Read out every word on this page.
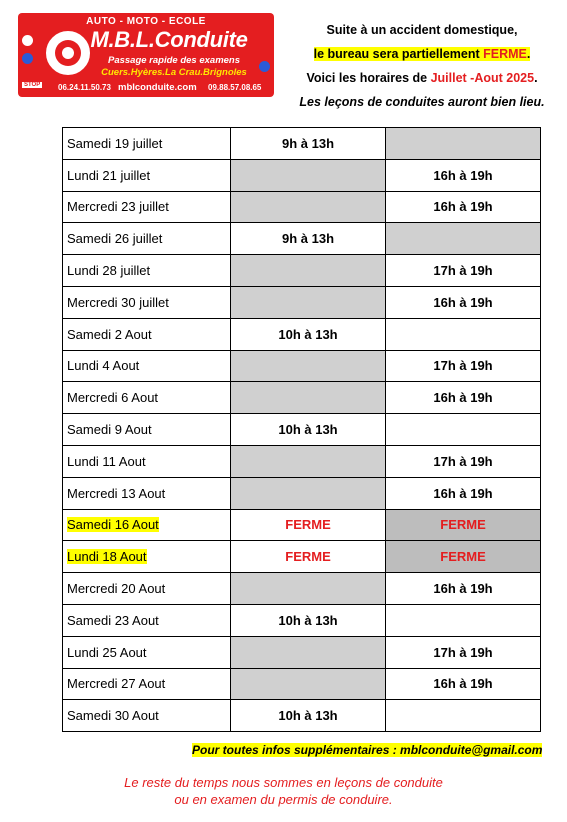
AUTO - MOTO - ECOLE
M.B.L.Conduite
Passage rapide des examens
Cuers.Hyères.La Crau.Brignoles
STOP 06.24.11.50.73 mblconduite.com 09.88.57.08.65
Suite à un accident domestique,
le bureau sera partiellement FERME.
Voici les horaires de Juillet -Aout 2025.
Les leçons de conduites auront bien lieu.
Samedi 19 juillet	9h à 13h	
Lundi 21 juillet		16h à 19h
Mercredi 23 juillet		16h à 19h
Samedi 26 juillet	9h à 13h	
Lundi 28 juillet		17h à 19h
Mercredi 30 juillet		16h à 19h
Samedi 2 Aout	10h à 13h	
Lundi 4 Aout		17h à 19h
Mercredi 6 Aout		16h à 19h
Samedi 9 Aout	10h à 13h	
Lundi 11 Aout		17h à 19h
Mercredi 13 Aout		16h à 19h
Samedi 16 Aout	FERME	FERME
Lundi 18 Aout	FERME	FERME
Mercredi 20 Aout		16h à 19h
Samedi 23 Aout	10h à 13h	
Lundi 25 Aout		17h à 19h
Mercredi 27 Aout		16h à 19h
Samedi 30 Aout	10h à 13h	
Pour toutes infos supplémentaires : mblconduite@gmail.com
Le reste du temps nous sommes en leçons de conduite
ou en examen du permis de conduire.
